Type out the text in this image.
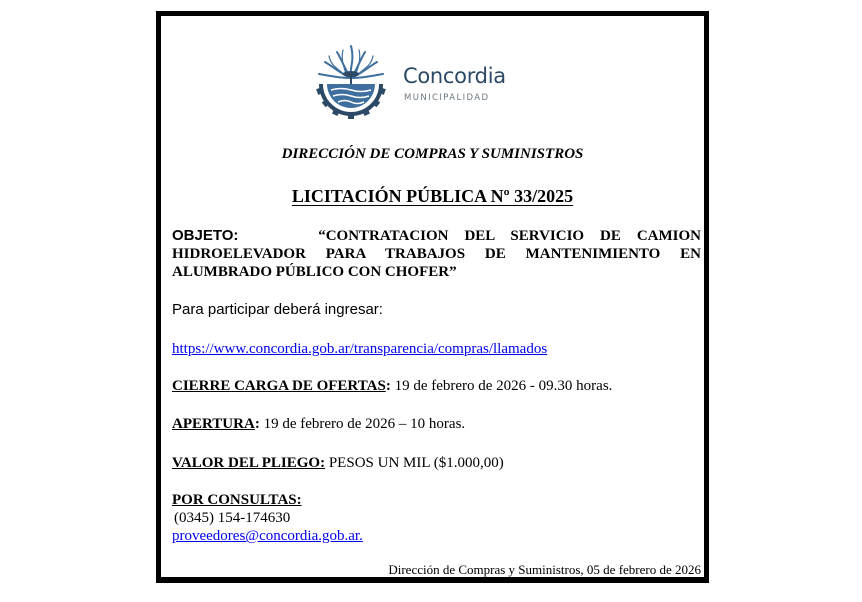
Concordia
MUNICIPALIDAD
DIRECCIÓN DE COMPRAS Y SUMINISTROS
LICITACIÓN PÚBLICA Nº 33/2025
OBJETO:	“CONTRATACION DEL SERVICIO DE CAMION HIDROELEVADOR PARA TRABAJOS DE MANTENIMIENTO EN ALUMBRADO PÚBLICO CON CHOFER”
Para participar deberá ingresar:
https://www.concordia.gob.ar/transparencia/compras/llamados
CIERRE CARGA DE OFERTAS: 19 de febrero de 2026 - 09.30 horas.
APERTURA: 19 de febrero de 2026 – 10 horas.
VALOR DEL PLIEGO: PESOS UN MIL ($1.000,00)
POR CONSULTAS:
(0345) 154-174630
proveedores@concordia.gob.ar.
Dirección de Compras y Suministros, 05 de febrero de 2026
